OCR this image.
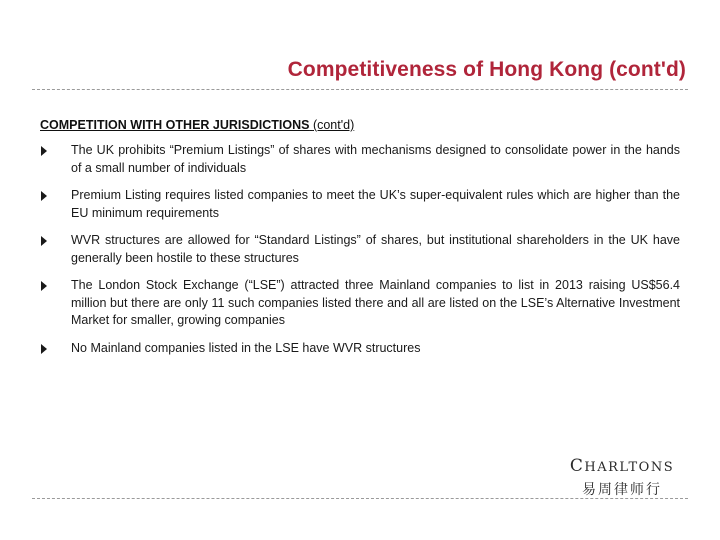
Competitiveness of Hong Kong (cont'd)
COMPETITION WITH OTHER JURISDICTIONS (cont'd)
The UK prohibits “Premium Listings” of shares with mechanisms designed to consolidate power in the hands of a small number of individuals
Premium Listing requires listed companies to meet the UK’s super-equivalent rules which are higher than the EU minimum requirements
WVR structures are allowed for “Standard Listings” of shares, but institutional shareholders in the UK have generally been hostile to these structures
The London Stock Exchange (“LSE”) attracted three Mainland companies to list in 2013 raising US$56.4 million but there are only 11 such companies listed there and all are listed on the LSE’s Alternative Investment Market for smaller, growing companies
No Mainland companies listed in the LSE have WVR structures
CHARLTONS
易周律师行
